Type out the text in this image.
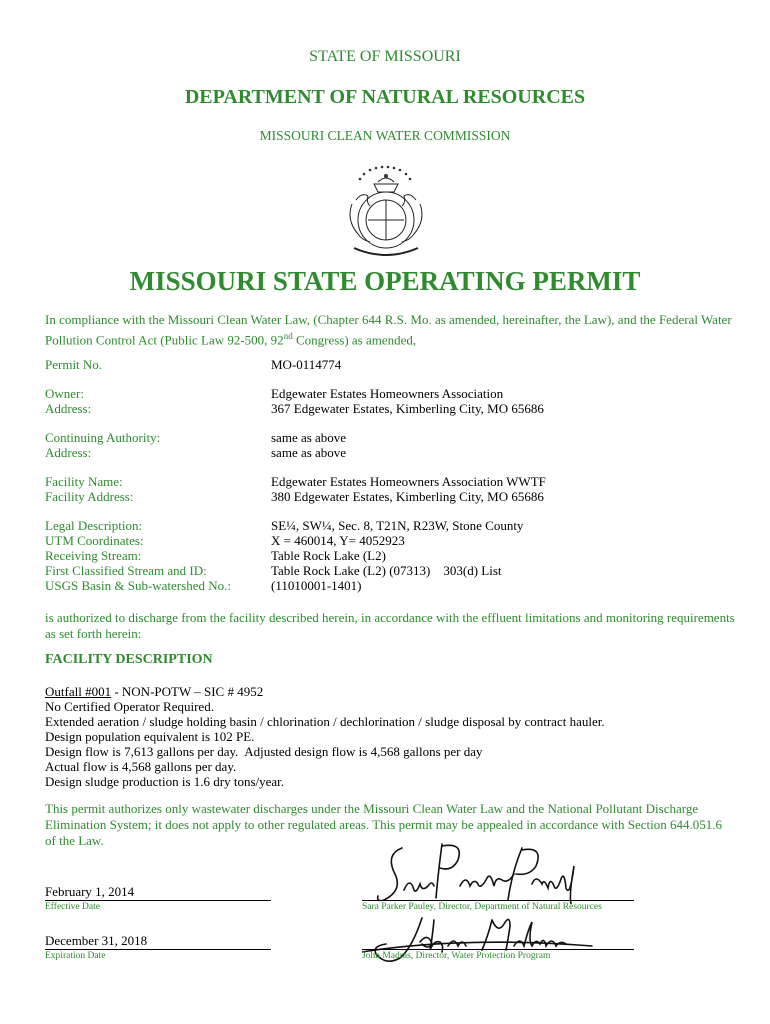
STATE OF MISSOURI
DEPARTMENT OF NATURAL RESOURCES
MISSOURI CLEAN WATER COMMISSION
MISSOURI STATE OPERATING PERMIT
In compliance with the Missouri Clean Water Law, (Chapter 644 R.S. Mo. as amended, hereinafter, the Law), and the Federal Water Pollution Control Act (Public Law 92-500, 92nd Congress) as amended,
Permit No.	MO-0114774
Owner:	Edgewater Estates Homeowners Association
Address:	367 Edgewater Estates, Kimberling City, MO 65686
Continuing Authority:	same as above
Address:	same as above
Facility Name:	Edgewater Estates Homeowners Association WWTF
Facility Address:	380 Edgewater Estates, Kimberling City, MO 65686
Legal Description:	SE¼, SW¼, Sec. 8, T21N, R23W, Stone County
UTM Coordinates:	X = 460014, Y= 4052923
Receiving Stream:	Table Rock Lake (L2)
First Classified Stream and ID:	Table Rock Lake (L2) (07313)    303(d) List
USGS Basin & Sub-watershed No.:	(11010001-1401)
is authorized to discharge from the facility described herein, in accordance with the effluent limitations and monitoring requirements as set forth herein:
FACILITY DESCRIPTION
Outfall #001 - NON-POTW – SIC # 4952
No Certified Operator Required.
Extended aeration / sludge holding basin / chlorination / dechlorination / sludge disposal by contract hauler.
Design population equivalent is 102 PE.
Design flow is 7,613 gallons per day.  Adjusted design flow is 4,568 gallons per day
Actual flow is 4,568 gallons per day.
Design sludge production is 1.6 dry tons/year.
This permit authorizes only wastewater discharges under the Missouri Clean Water Law and the National Pollutant Discharge Elimination System; it does not apply to other regulated areas. This permit may be appealed in accordance with Section 644.051.6 of the Law.
February 1, 2014
Effective Date	Sara Parker Pauley, Director, Department of Natural Resources
December 31, 2018
Expiration Date	John Madras, Director, Water Protection Program
